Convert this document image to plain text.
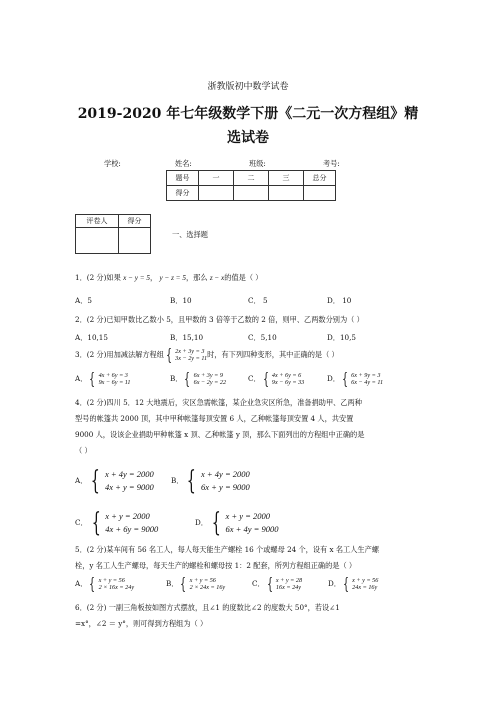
浙教版初中数学试卷
2019-2020 年七年级数学下册《二元一次方程组》精
选试卷
学校:	姓名:	班级:	考号:
题号	一	二	三	总分
得分				
评卷人	得分

一、选择题
1．(2 分)如果 x − y = 5， y − z = 5，那么 z − x的值是（ ）
A．5	B．10	C． 5	D． 10
2．(2 分)已知甲数比乙数小 5，且甲数的 3 倍等于乙数的 2 倍，则甲、乙两数分别为（ ）
A．10,15	B．15,10	C．5,10	D．10,5
3．(2 分)用加减法解方程组 { 2x + 3y = 3
3x − 2y = 11 时，有下列四种变形，其中正确的是（ ）
A． { 4x + 6y = 3
9x − 6y = 11	B． { 6x + 3y = 9
6x − 2y = 22	C． { 4x + 6y = 6
9x − 6y = 33	D． { 6x + 9y = 3
6x − 4y = 11
4．(2 分)四川 5．12 大地震后，灾区急需帐篷，某企业急灾区所急，准备捐助甲、乙两种
型号的帐篷共 2000 顶，其中甲种帐篷每顶安置 6 人，乙种帐篷每顶安置 4 人，共安置
9000 人，设该企业捐助甲种帐篷 x 顶、乙种帐篷 y 顶，那么下面列出的方程组中正确的是
（ ）
A． { x + 4y = 2000
4x + y = 9000
B． { x + 4y = 2000
6x + y = 9000
C． { x + y = 2000
4x + 6y = 9000
D． { x + y = 2000
6x + 4y = 9000
5．(2 分)某车间有 56 名工人，每人每天能生产螺栓 16 个或螺母 24 个，设有 x 名工人生产螺
栓，y 名工人生产螺母，每天生产的螺栓和螺母按 1：2 配套，所列方程组正确的是（ ）
A． { x + y = 56
2 × 16x = 24y	B． { x + y = 56
2 × 24x = 16y	C． { x + y = 28
16x = 24y	D． { x + y = 56
24x = 16y
6．(2 分) 一副三角板按如图方式摆放，且∠1 的度数比∠2 的度数大 50°，若设∠1
=x°，∠2 ＝ y°，则可得到方程组为（ ）
